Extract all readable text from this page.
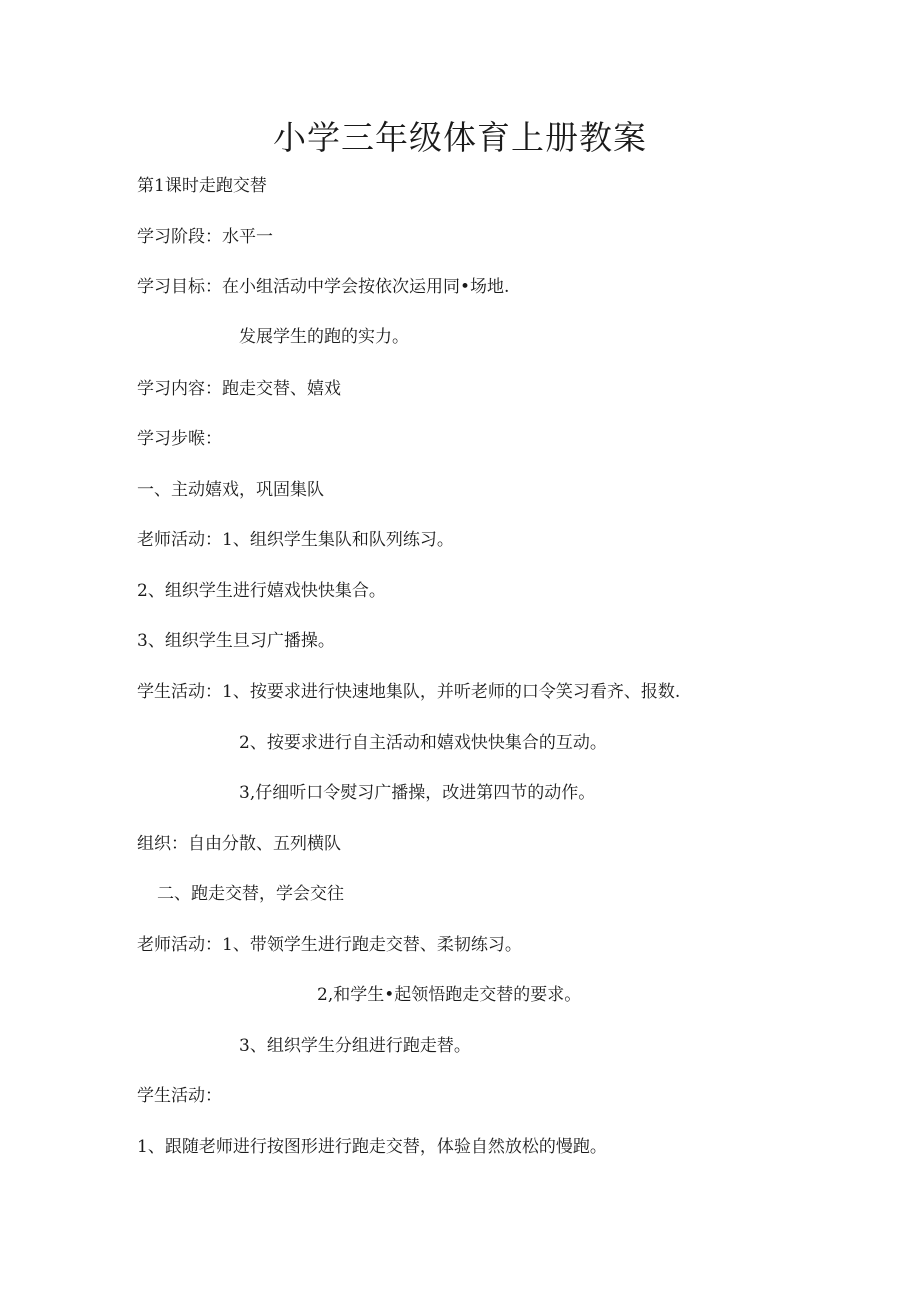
小学三年级体育上册教案
第1课时走跑交替
学习阶段：水平一
学习目标：在小组活动中学会按依次运用同•场地.
发展学生的跑的实力。
学习内容：跑走交替、嬉戏
学习步喉：
一、主动嬉戏，巩固集队
老师活动：1、组织学生集队和队列练习。
2、组织学生进行嬉戏快快集合。
3、组织学生旦习广播操。
学生活动：1、按要求进行快速地集队，并听老师的口令笑习看齐、报数.
2、按要求进行自主活动和嬉戏快快集合的互动。
3,仔细听口令熨习广播操，改进第四节的动作。
组织：自由分散、五列横队
二、跑走交替，学会交往
老师活动：1、带领学生进行跑走交替、柔韧练习。
2,和学生•起领悟跑走交替的要求。
3、组织学生分组进行跑走替。
学生活动：
1、跟随老师进行按图形进行跑走交替，体验自然放松的慢跑。
